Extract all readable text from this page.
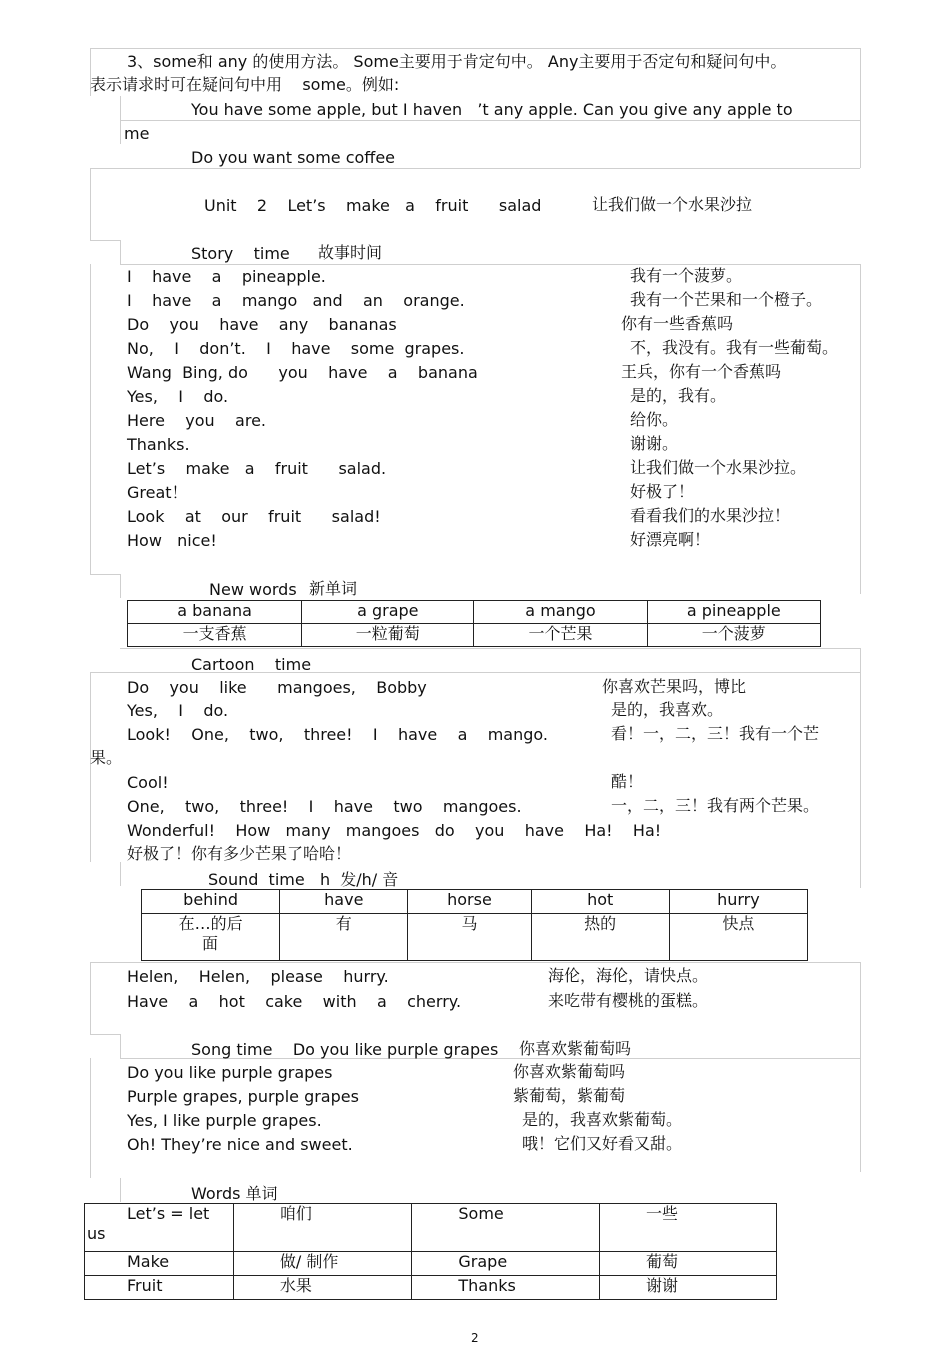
3、some和 any 的使用方法。 Some主要用于肯定句中。 Any主要用于否定句和疑问句中。
表示请求时可在疑问句中用    some。例如:
You have some apple, but I haven   ’t any apple. Can you give any apple to
me
Do you want some coffee
Unit    2    Let’s    make   a    fruit      salad	让我们做一个水果沙拉
Story    time 故事时间
I    have    a    pineapple.	我有一个菠萝。
I    have    a    mango   and    an    orange.	我有一个芒果和一个橙子。
Do    you    have    any    bananas	你有一些香蕉吗
No,    I    don’t.    I    have    some  grapes.	不，我没有。我有一些葡萄。
Wang  Bing, do      you    have    a    banana	王兵，你有一个香蕉吗
Yes,    I    do.	是的，我有。
Here    you    are.	给你。
Thanks.	谢谢。
Let’s    make   a    fruit      salad.	让我们做一个水果沙拉。
Great！	好极了！
Look    at    our    fruit      salad!	看看我们的水果沙拉！
How   nice!	好漂亮啊！
New words 新单词
a banana	a grape	a mango	a pineapple
一支香蕉	一粒葡萄	一个芒果	一个菠萝
Cartoon    time
Do    you    like      mangoes,    Bobby	你喜欢芒果吗，博比
Yes,    I    do.	是的，我喜欢。
Look!    One,    two,    three!    I    have    a    mango.	看！一，二，三！我有一个芒
果。
Cool!	酷！
One,    two,    three!    I    have    two    mangoes.	一，二，三！我有两个芒果。
Wonderful!    How   many   mangoes   do    you    have    Ha!    Ha!
好极了！你有多少芒果了哈哈！
Sound  time   h  发/h/ 音
behind	have	horse	hot	hurry

在…的后
面	有	马	热的	快点
Helen,    Helen,    please    hurry.	海伦，海伦，请快点。
Have    a    hot    cake    with    a    cherry.	来吃带有樱桃的蛋糕。
Song time    Do you like purple grapes 你喜欢紫葡萄吗
Do you like purple grapes	你喜欢紫葡萄吗
Purple grapes, purple grapes	紫葡萄，紫葡萄
Yes, I like purple grapes.	是的，我喜欢紫葡萄。
Oh! They’re nice and sweet.	哦！它们又好看又甜。
Words 单词
Let’s = let
us	咱们	Some	一些
Make	做/ 制作	Grape	葡萄
Fruit	水果	Thanks	谢谢
2
